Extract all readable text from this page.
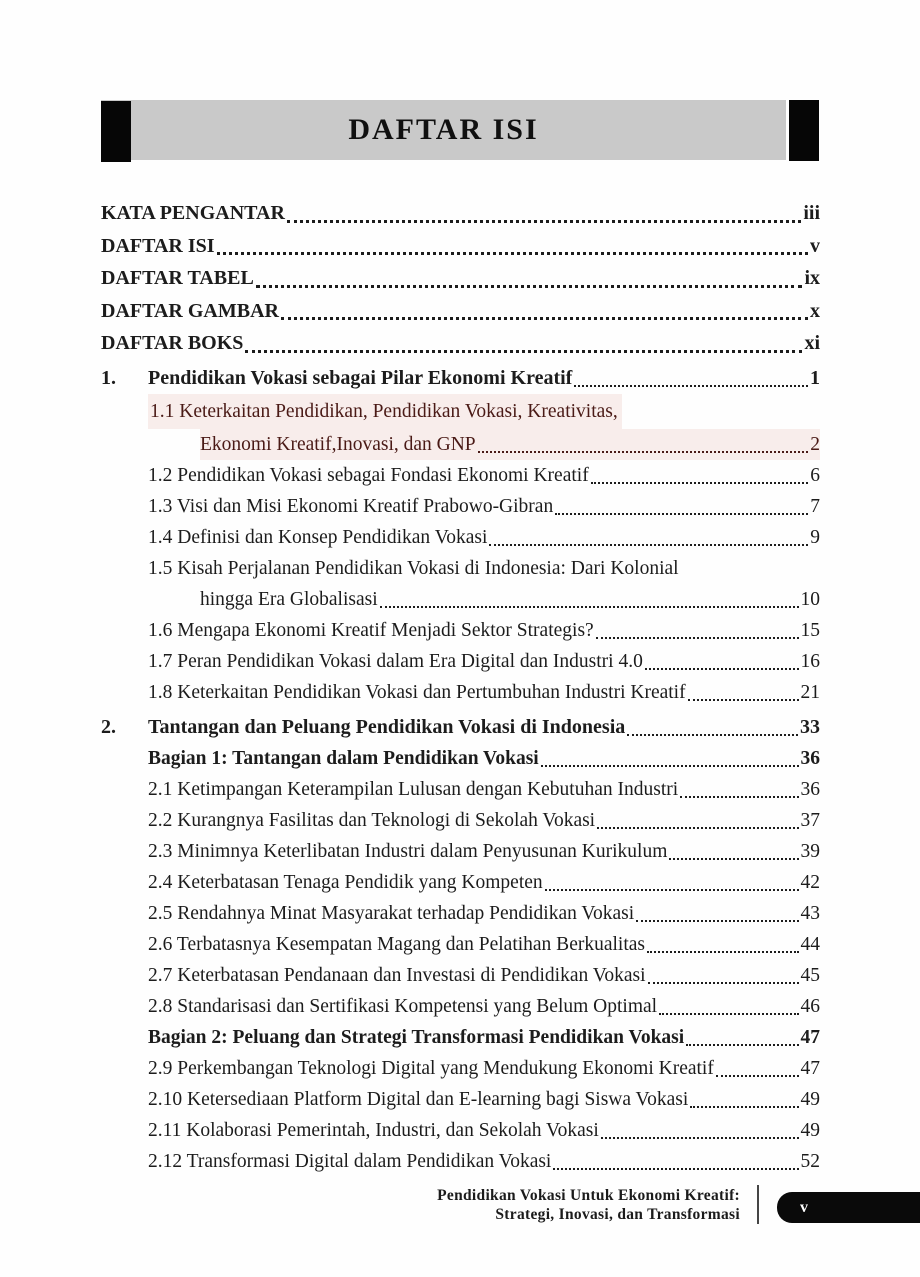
DAFTAR ISI
KATA PENGANTAR	iii
DAFTAR ISI	v
DAFTAR TABEL	ix
DAFTAR GAMBAR	x
DAFTAR BOKS	xi
1.	Pendidikan Vokasi sebagai Pilar Ekonomi Kreatif	1
1.1 Keterkaitan Pendidikan, Pendidikan Vokasi, Kreativitas,
Ekonomi Kreatif,Inovasi, dan GNP	2
1.2 Pendidikan Vokasi sebagai Fondasi Ekonomi Kreatif	6
1.3 Visi dan Misi Ekonomi Kreatif Prabowo-Gibran	7
1.4 Definisi dan Konsep Pendidikan Vokasi	9
1.5 Kisah Perjalanan Pendidikan Vokasi di Indonesia: Dari Kolonial
hingga Era Globalisasi	10
1.6 Mengapa Ekonomi Kreatif Menjadi Sektor Strategis?	15
1.7 Peran Pendidikan Vokasi dalam Era Digital dan Industri 4.0	16
1.8 Keterkaitan Pendidikan Vokasi dan Pertumbuhan Industri Kreatif	21
2.	Tantangan dan Peluang Pendidikan Vokasi di Indonesia	33
Bagian 1: Tantangan dalam Pendidikan Vokasi	36
2.1 Ketimpangan Keterampilan Lulusan dengan Kebutuhan Industri	36
2.2 Kurangnya Fasilitas dan Teknologi di Sekolah Vokasi	37
2.3 Minimnya Keterlibatan Industri dalam Penyusunan Kurikulum	39
2.4 Keterbatasan Tenaga Pendidik yang Kompeten	42
2.5 Rendahnya Minat Masyarakat terhadap Pendidikan Vokasi	43
2.6 Terbatasnya Kesempatan Magang dan Pelatihan Berkualitas	44
2.7 Keterbatasan Pendanaan dan Investasi di Pendidikan Vokasi	45
2.8 Standarisasi dan Sertifikasi Kompetensi yang Belum Optimal	46
Bagian 2: Peluang dan Strategi Transformasi Pendidikan Vokasi	47
2.9 Perkembangan Teknologi Digital yang Mendukung Ekonomi Kreatif	47
2.10 Ketersediaan Platform Digital dan E-learning bagi Siswa Vokasi	49
2.11 Kolaborasi Pemerintah, Industri, dan Sekolah Vokasi	49
2.12 Transformasi Digital dalam Pendidikan Vokasi	52
Pendidikan Vokasi Untuk Ekonomi Kreatif:
Strategi, Inovasi, dan Transformasi	v
